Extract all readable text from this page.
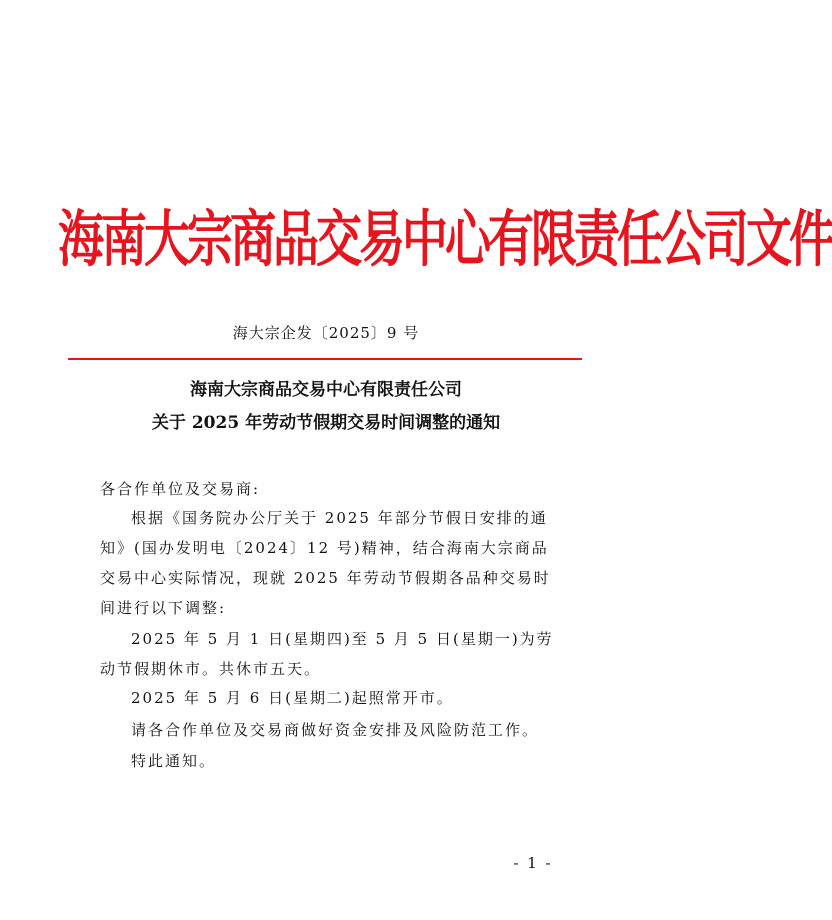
海南大宗商品交易中心有限责任公司文件
海大宗企发〔2025〕9 号
海南大宗商品交易中心有限责任公司
关于 2025 年劳动节假期交易时间调整的通知
各合作单位及交易商:
根据《国务院办公厅关于 2025 年部分节假日安排的通
知》(国办发明电〔2024〕12 号)精神，结合海南大宗商品
交易中心实际情况，现就 2025 年劳动节假期各品种交易时
间进行以下调整:
2025 年 5 月 1 日(星期四)至 5 月 5 日(星期一)为劳
动节假期休市。共休市五天。
2025 年 5 月 6 日(星期二)起照常开市。
请各合作单位及交易商做好资金安排及风险防范工作。
特此通知。
- 1 -
